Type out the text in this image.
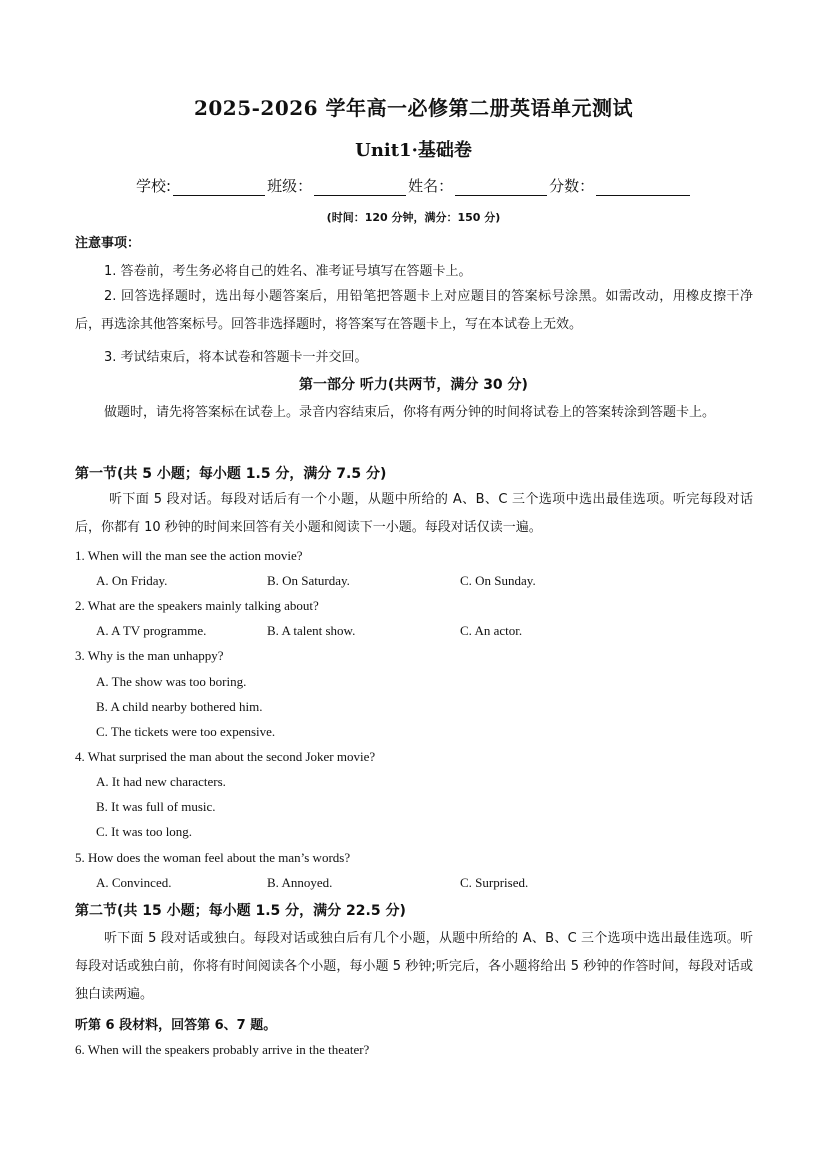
2025-2026 学年高一必修第二册英语单元测试
Unit1·基础卷
学校:	班级：	姓名：	分数：
(时间：120 分钟，满分：150 分)
注意事项：
1. 答卷前，考生务必将自己的姓名、准考证号填写在答题卡上。
2. 回答选择题时，选出每小题答案后，用铅笔把答题卡上对应题目的答案标号涂黑。如需改动，用橡皮擦干净后，再选涂其他答案标号。回答非选择题时，将答案写在答题卡上，写在本试卷上无效。
3. 考试结束后，将本试卷和答题卡一并交回。
第一部分 听力(共两节，满分 30 分)
做题时，请先将答案标在试卷上。录音内容结束后，你将有两分钟的时间将试卷上的答案转涂到答题卡上。
第一节(共 5 小题；每小题 1.5 分，满分 7.5 分)
听下面 5 段对话。每段对话后有一个小题，从题中所给的 A、B、C 三个选项中选出最佳选项。听完每段对话后，你都有 10 秒钟的时间来回答有关小题和阅读下一小题。每段对话仅读一遍。
1. When will the man see the action movie?
A. On Friday.	B. On Saturday.	C. On Sunday.
2. What are the speakers mainly talking about?
A. A TV programme.	B. A talent show.	C. An actor.
3. Why is the man unhappy?
A. The show was too boring.
B. A child nearby bothered him.
C. The tickets were too expensive.
4. What surprised the man about the second Joker movie?
A. It had new characters.
B. It was full of music.
C. It was too long.
5. How does the woman feel about the man’s words?
A. Convinced.	B. Annoyed.	C. Surprised.
第二节(共 15 小题；每小题 1.5 分，满分 22.5 分)
听下面 5 段对话或独白。每段对话或独白后有几个小题，从题中所给的 A、B、C 三个选项中选出最佳选项。听每段对话或独白前，你将有时间阅读各个小题，每小题 5 秒钟;听完后，各小题将给出 5 秒钟的作答时间，每段对话或独白读两遍。
听第 6 段材料，回答第 6、7 题。
6. When will the speakers probably arrive in the theater?
